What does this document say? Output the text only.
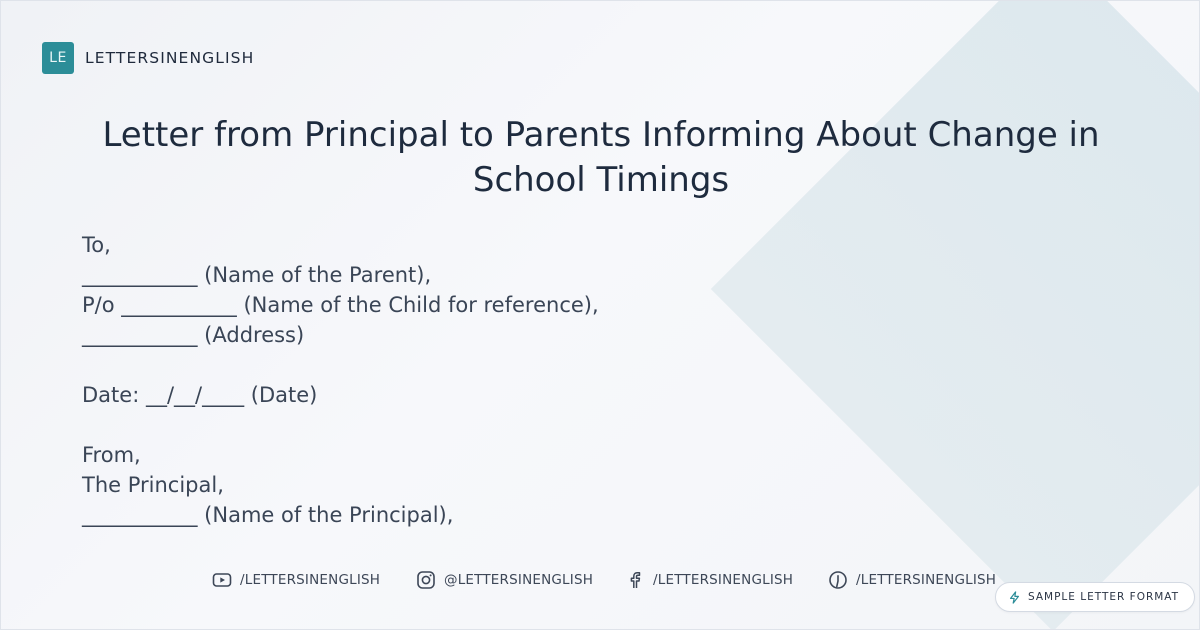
LE	LETTERSINENGLISH
Letter from Principal to Parents Informing About Change in School Timings
To,
___________ (Name of the Parent),
P/o ___________ (Name of the Child for reference),
___________ (Address)
Date: __/__/____ (Date)
From,
The Principal,
___________ (Name of the Principal),
/LETTERSINENGLISH	@LETTERSINENGLISH	/LETTERSINENGLISH	/LETTERSINENGLISH
SAMPLE LETTER FORMAT
